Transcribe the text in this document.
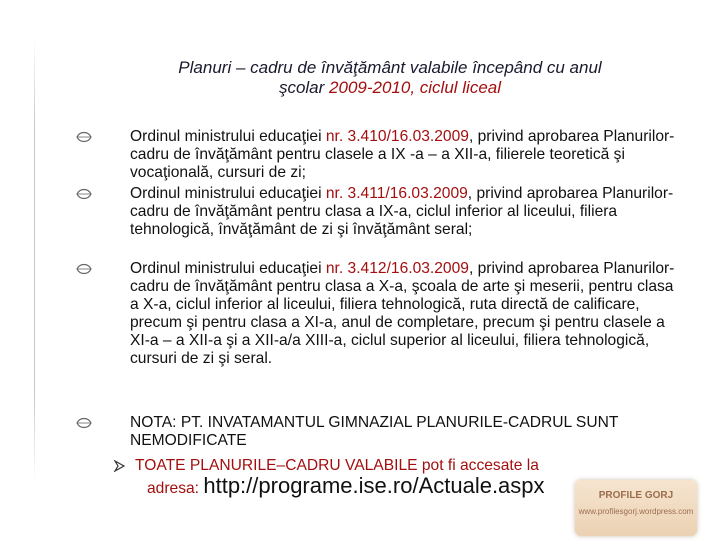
Planuri – cadru de învăţământ valabile începând cu anul
şcolar 2009-2010, ciclul liceal
Ordinul ministrului educaţiei nr. 3.410/16.03.2009, privind aprobarea Planurilor-cadru de învăţământ pentru clasele a IX -a – a XII-a, filierele teoretică şi vocaţională, cursuri de zi;
Ordinul ministrului educaţiei nr. 3.411/16.03.2009, privind aprobarea Planurilor-cadru de învăţământ pentru clasa a IX-a, ciclul inferior al liceului, filiera tehnologică, învăţământ de zi şi învăţământ seral;
Ordinul ministrului educaţiei nr. 3.412/16.03.2009, privind aprobarea Planurilor-cadru de învăţământ pentru clasa a X-a, şcoala de arte şi meserii, pentru clasa a X-a, ciclul inferior al liceului, filiera tehnologică, ruta directă de calificare, precum şi pentru clasa a XI-a, anul de completare, precum şi pentru clasele a XI-a – a XII-a şi a XII-a/a XIII-a, ciclul superior al liceului, filiera tehnologică, cursuri de zi şi seral.
NOTA: PT. INVATAMANTUL GIMNAZIAL PLANURILE-CADRUL SUNT NEMODIFICATE
TOATE PLANURILE–CADRU VALABILE pot fi accesate la
adresa: http://programe.ise.ro/Actuale.aspx	PROFILE GORJ
www.profilesgorj.wordpress.com
